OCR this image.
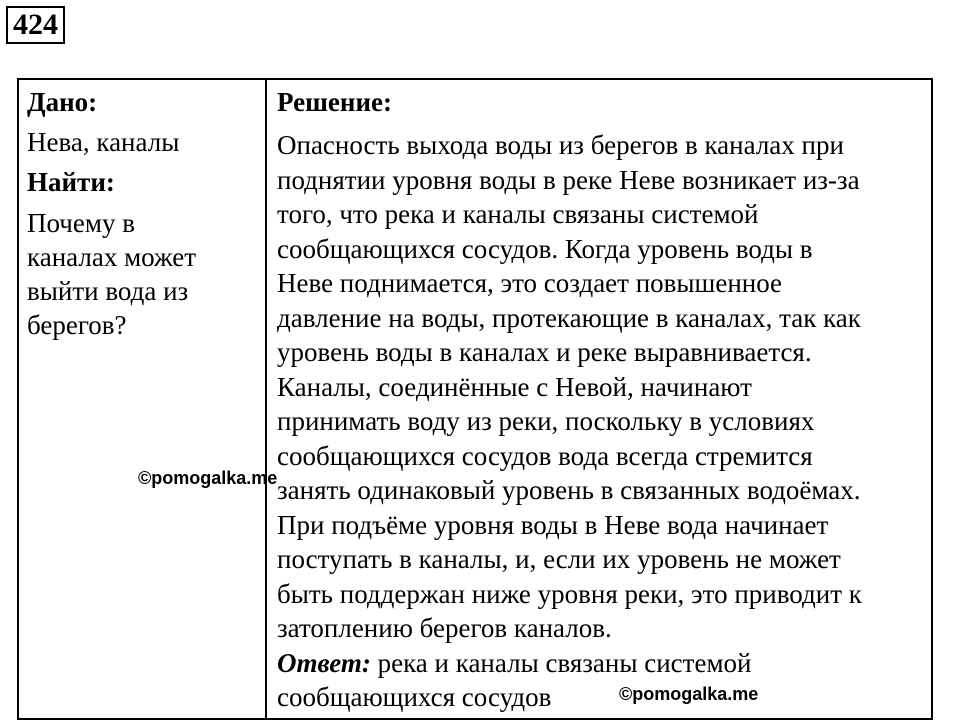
424
Дано:
Нева, каналы
Найти:
Почему в
каналах может
выйти вода из
берегов?
Решение:
Опасность выхода воды из берегов в каналах при
поднятии уровня воды в реке Неве возникает из-за
того, что река и каналы связаны системой
сообщающихся сосудов. Когда уровень воды в
Неве поднимается, это создает повышенное
давление на воды, протекающие в каналах, так как
уровень воды в каналах и реке выравнивается.
Каналы, соединённые с Невой, начинают
принимать воду из реки, поскольку в условиях
сообщающихся сосудов вода всегда стремится
занять одинаковый уровень в связанных водоёмах.
При подъёме уровня воды в Неве вода начинает
поступать в каналы, и, если их уровень не может
быть поддержан ниже уровня реки, это приводит к
затоплению берегов каналов.
Ответ: река и каналы связаны системой
сообщающихся сосудов
©pomogalka.me
©pomogalka.me
